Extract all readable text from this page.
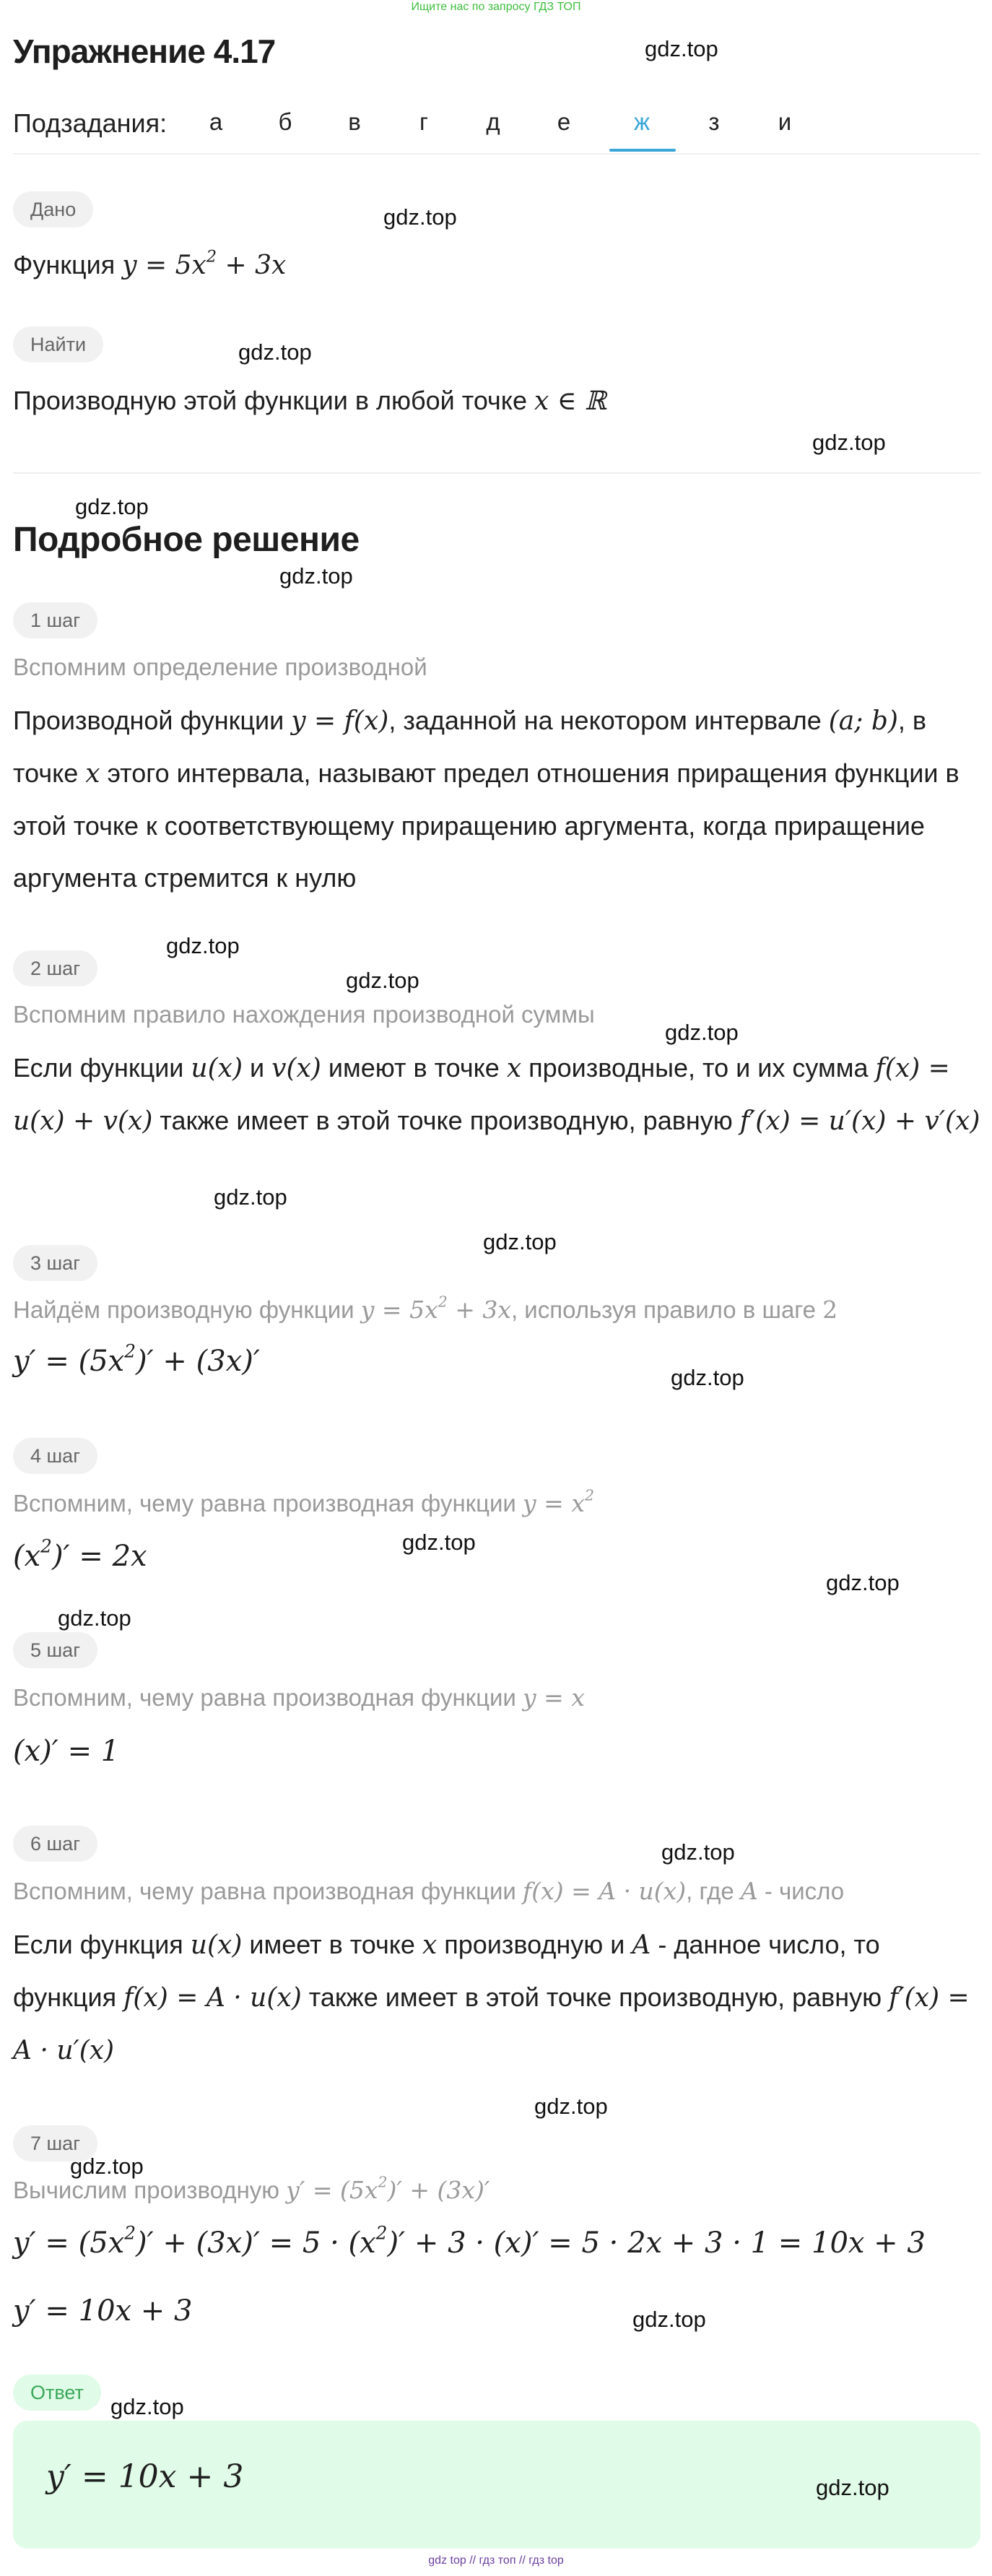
Ищите нас по запросу ГДЗ ТОП
Упражнение 4.17
Подзадания:	а	б	в	г	д	е	ж	з	и
Дано
Функция $y = 5x^2 + 3x$
Найти
Производную этой функции в любой точке x ∈ ℝ
Подробное решение
1 шаг
Вспомним определение производной
Производной функции y = f(x), заданной на некотором интервале (a; b), в точке x этого интервала, называют предел отношения приращения функции в этой точке к соответствующему приращению аргумента, когда приращение аргумента стремится к нулю
2 шаг
Вспомним правило нахождения производной суммы
Если функции u(x) и v(x) имеют в точке x производные, то и их сумма f(x) = u(x) + v(x) также имеет в этой точке производную, равную f′(x) = u′(x) + v′(x)
3 шаг
Найдём производную функции $y = 5x^2 + 3x$, используя правило в шаге 2
$y' = (5x^2)' + (3x)'$
4 шаг
Вспомним, чему равна производная функции $y = x^2$
$(x^2)' = 2x$
5 шаг
Вспомним, чему равна производная функции y = x
(x)′ = 1
6 шаг
Вспомним, чему равна производная функции f(x) = A · u(x), где A - число
Если функция u(x) имеет в точке x производную и A - данное число, то функция f(x) = A · u(x) также имеет в этой точке производную, равную f′(x) = A · u′(x)
7 шаг
Вычислим производную $y' = (5x^2)' + (3x)'$
$y' = (5x^2)' + (3x)' = 5 \cdot (x^2)' + 3 \cdot (x)' = 5 \cdot 2x + 3 \cdot 1 = 10x + 3$
y′ = 10x + 3
Ответ
y′ = 10x + 3
gdz.top
gdz.top
gdz.top
gdz.top
gdz.top
gdz.top
gdz.top
gdz.top
gdz.top
gdz.top
gdz.top
gdz.top
gdz.top
gdz.top
gdz.top
gdz.top
gdz.top
gdz.top
gdz.top
gdz.top
gdz.top
gdz top // гдз топ // гдз top
